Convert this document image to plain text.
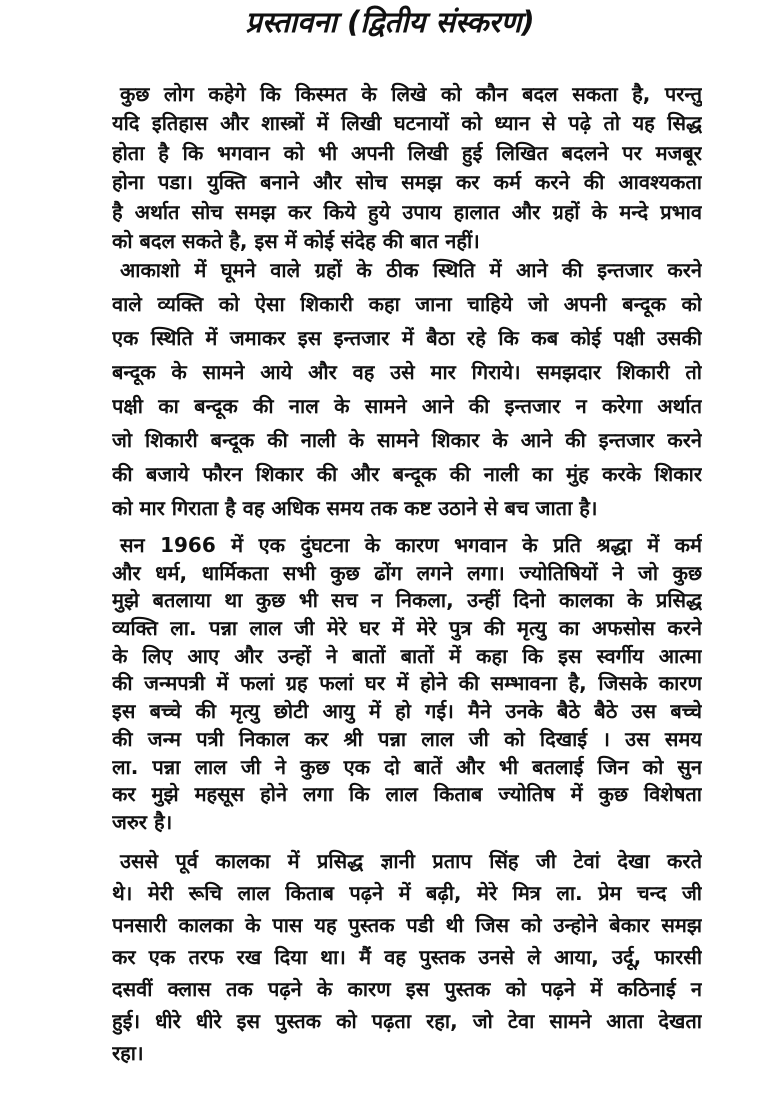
प्रस्तावना (द्वितीय संस्करण)
कुछ लोग कहेगे कि किस्मत के लिखे को कौन बदल सकता है, परन्तु
यदि इतिहास और शास्त्रों में लिखी घटनायों को ध्यान से पढ़े तो यह सिद्ध
होता है कि भगवान को भी अपनी लिखी हुई लिखित बदलने पर मजबूर
होना पडा। युक्ति बनाने और सोच समझ कर कर्म करने की आवश्यकता
है अर्थात सोच समझ कर किये हुये उपाय हालात और ग्रहों के मन्दे प्रभाव
को बदल सकते है, इस में कोई संदेह की बात नहीं।
आकाशो में घूमने वाले ग्रहों के ठीक स्थिति में आने की इन्तजार करने
वाले व्यक्ति को ऐसा शिकारी कहा जाना चाहिये जो अपनी बन्दूक को
एक स्थिति में जमाकर इस इन्तजार में बैठा रहे कि कब कोई पक्षी उसकी
बन्दूक के सामने आये और वह उसे मार गिराये। समझदार शिकारी तो
पक्षी का बन्दूक की नाल के सामने आने की इन्तजार न करेगा अर्थात
जो शिकारी बन्दूक की नाली के सामने शिकार के आने की इन्तजार करने
की बजाये फौरन शिकार की और बन्दूक की नाली का मुंह करके शिकार
को मार गिराता है वह अधिक समय तक कष्ट उठाने से बच जाता है।
सन 1966 में एक दुंघटना के कारण भगवान के प्रति श्रद्धा में कर्म
और धर्म, धार्मिकता सभी कुछ ढोंग लगने लगा। ज्योतिषियों ने जो कुछ
मुझे बतलाया था कुछ भी सच न निकला, उन्हीं दिनो कालका के प्रसिद्ध
व्यक्ति ला. पन्ना लाल जी मेरे घर में मेरे पुत्र की मृत्यु का अफसोस करने
के लिए आए और उन्हों ने बातों बातों में कहा कि इस स्वर्गीय आत्मा
की जन्मपत्री में फलां ग्रह फलां घर में होने की सम्भावना है, जिसके कारण
इस बच्चे की मृत्यु छोटी आयु में हो गई। मैने उनके बैठे बैठे उस बच्चे
की जन्म पत्री निकाल कर श्री पन्ना लाल जी को दिखाई । उस समय
ला. पन्ना लाल जी ने कुछ एक दो बातें और भी बतलाई जिन को सुन
कर मुझे महसूस होने लगा कि लाल किताब ज्योतिष में कुछ विशेषता
जरुर है।
उससे पूर्व कालका में प्रसिद्ध ज्ञानी प्रताप सिंह जी टेवां देखा करते
थे। मेरी रूचि लाल किताब पढ़ने में बढ़ी, मेरे मित्र ला. प्रेम चन्द जी
पनसारी कालका के पास यह पुस्तक पडी थी जिस को उन्होने बेकार समझ
कर एक तरफ रख दिया था। मैं वह पुस्तक उनसे ले आया, उर्दू, फारसी
दसवीं क्लास तक पढ़ने के कारण इस पुस्तक को पढ़ने में कठिनाई न
हुई। धीरे धीरे इस पुस्तक को पढ़ता रहा, जो टेवा सामने आता देखता
रहा।
